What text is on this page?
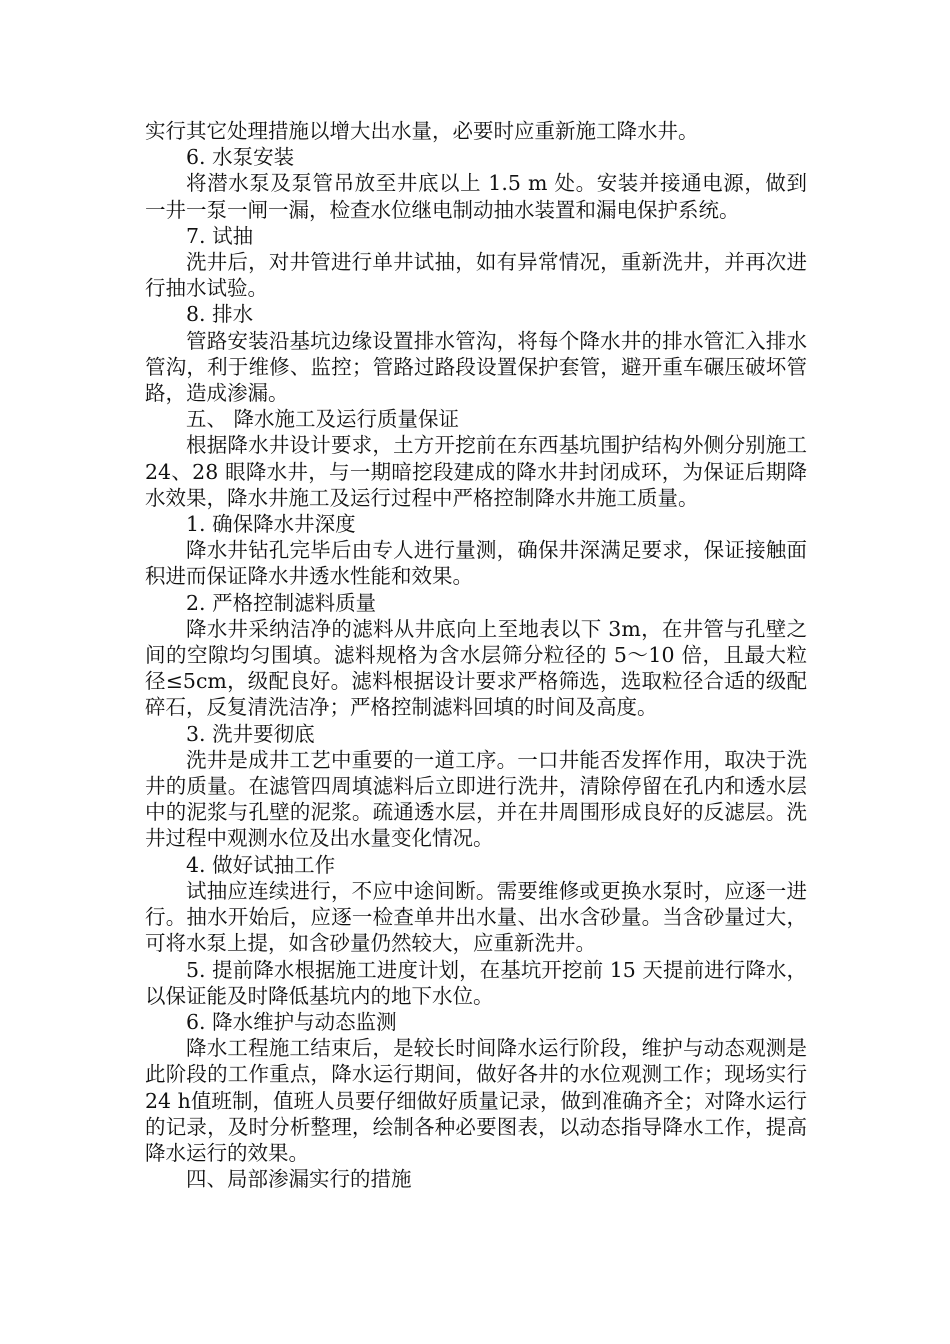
实行其它处理措施以增大出水量，必要时应重新施工降水井。

6. 水泵安装

将潜水泵及泵管吊放至井底以上 1.5 m 处。安装并接通电源，做到一井一泵一闸一漏，检查水位继电制动抽水装置和漏电保护系统。

7. 试抽

洗井后，对井管进行单井试抽，如有异常情况，重新洗井，并再次进行抽水试验。

8. 排水

管路安装沿基坑边缘设置排水管沟，将每个降水井的排水管汇入排水管沟，利于维修、监控；管路过路段设置保护套管，避开重车碾压破坏管路，造成渗漏。

五、 降水施工及运行质量保证

根据降水井设计要求，土方开挖前在东西基坑围护结构外侧分别施工 24、28 眼降水井，与一期暗挖段建成的降水井封闭成环，为保证后期降水效果，降水井施工及运行过程中严格控制降水井施工质量。

1. 确保降水井深度

降水井钻孔完毕后由专人进行量测，确保井深满足要求，保证接触面积进而保证降水井透水性能和效果。

2. 严格控制滤料质量

降水井采纳洁净的滤料从井底向上至地表以下 3m，在井管与孔壁之间的空隙均匀围填。滤料规格为含水层筛分粒径的 5～10 倍，且最大粒径≤5cm，级配良好。滤料根据设计要求严格筛选，选取粒径合适的级配碎石，反复清洗洁净；严格控制滤料回填的时间及高度。

3. 洗井要彻底

洗井是成井工艺中重要的一道工序。一口井能否发挥作用，取决于洗井的质量。在滤管四周填滤料后立即进行洗井，清除停留在孔内和透水层中的泥浆与孔壁的泥浆。疏通透水层，并在井周围形成良好的反滤层。洗井过程中观测水位及出水量变化情况。

4. 做好试抽工作

试抽应连续进行，不应中途间断。需要维修或更换水泵时，应逐一进行。抽水开始后，应逐一检查单井出水量、出水含砂量。当含砂量过大，可将水泵上提，如含砂量仍然较大，应重新洗井。

5. 提前降水根据施工进度计划，在基坑开挖前 15 天提前进行降水，以保证能及时降低基坑内的地下水位。

6. 降水维护与动态监测

降水工程施工结束后，是较长时间降水运行阶段，维护与动态观测是此阶段的工作重点，降水运行期间，做好各井的水位观测工作；现场实行 24 h值班制，值班人员要仔细做好质量记录，做到准确齐全；对降水运行的记录，及时分析整理，绘制各种必要图表，以动态指导降水工作，提高降水运行的效果。

四、局部渗漏实行的措施
